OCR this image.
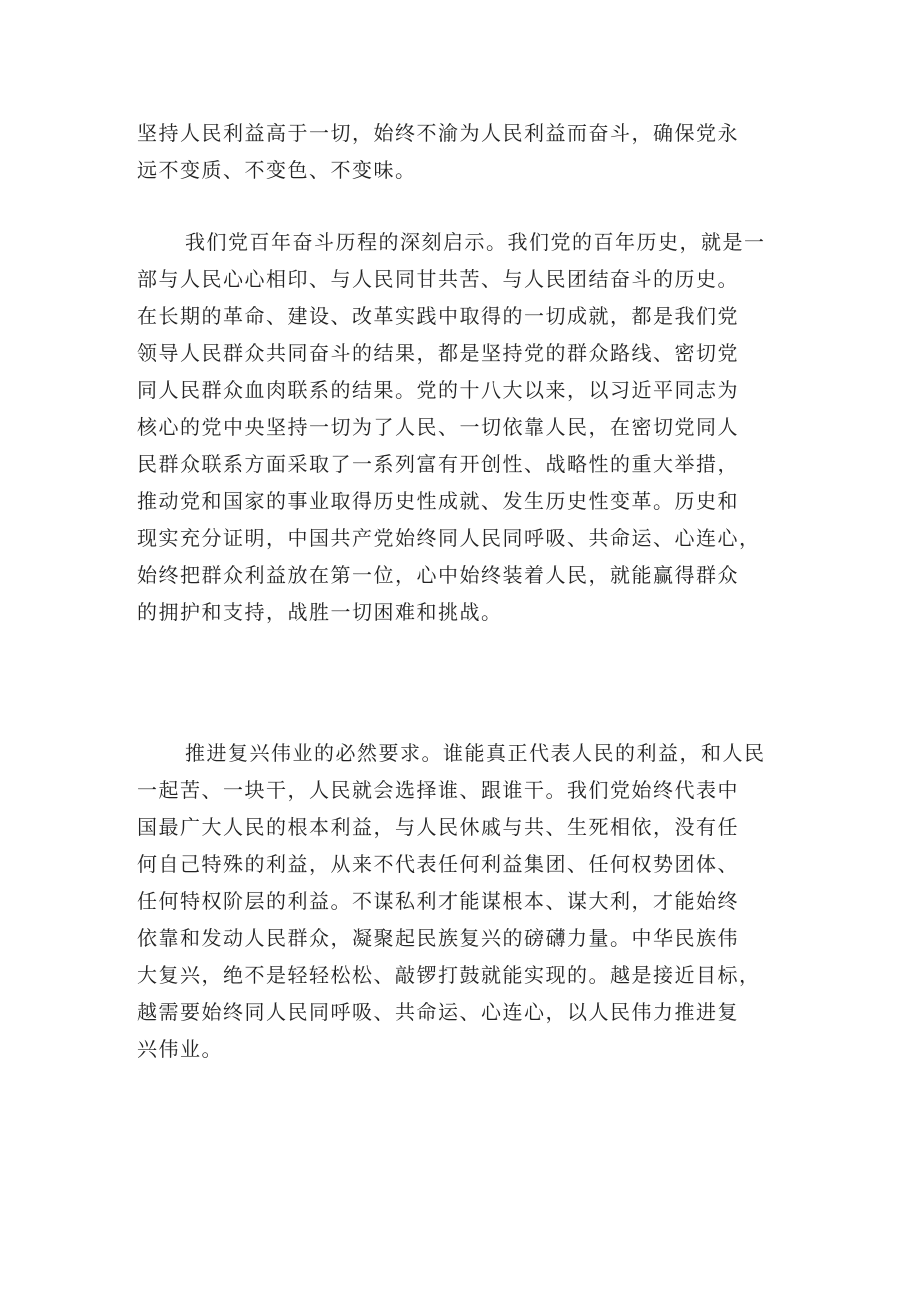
坚持人民利益高于一切，始终不渝为人民利益而奋斗，确保党永
远不变质、不变色、不变味。
我们党百年奋斗历程的深刻启示。我们党的百年历史，就是一
部与人民心心相印、与人民同甘共苦、与人民团结奋斗的历史。
在长期的革命、建设、改革实践中取得的一切成就，都是我们党
领导人民群众共同奋斗的结果，都是坚持党的群众路线、密切党
同人民群众血肉联系的结果。党的十八大以来，以习近平同志为
核心的党中央坚持一切为了人民、一切依靠人民，在密切党同人
民群众联系方面采取了一系列富有开创性、战略性的重大举措，
推动党和国家的事业取得历史性成就、发生历史性变革。历史和
现实充分证明，中国共产党始终同人民同呼吸、共命运、心连心，
始终把群众利益放在第一位，心中始终装着人民，就能赢得群众
的拥护和支持，战胜一切困难和挑战。
推进复兴伟业的必然要求。谁能真正代表人民的利益，和人民
一起苦、一块干，人民就会选择谁、跟谁干。我们党始终代表中
国最广大人民的根本利益，与人民休戚与共、生死相依，没有任
何自己特殊的利益，从来不代表任何利益集团、任何权势团体、
任何特权阶层的利益。不谋私利才能谋根本、谋大利，才能始终
依靠和发动人民群众，凝聚起民族复兴的磅礴力量。中华民族伟
大复兴，绝不是轻轻松松、敲锣打鼓就能实现的。越是接近目标，
越需要始终同人民同呼吸、共命运、心连心，以人民伟力推进复
兴伟业。
